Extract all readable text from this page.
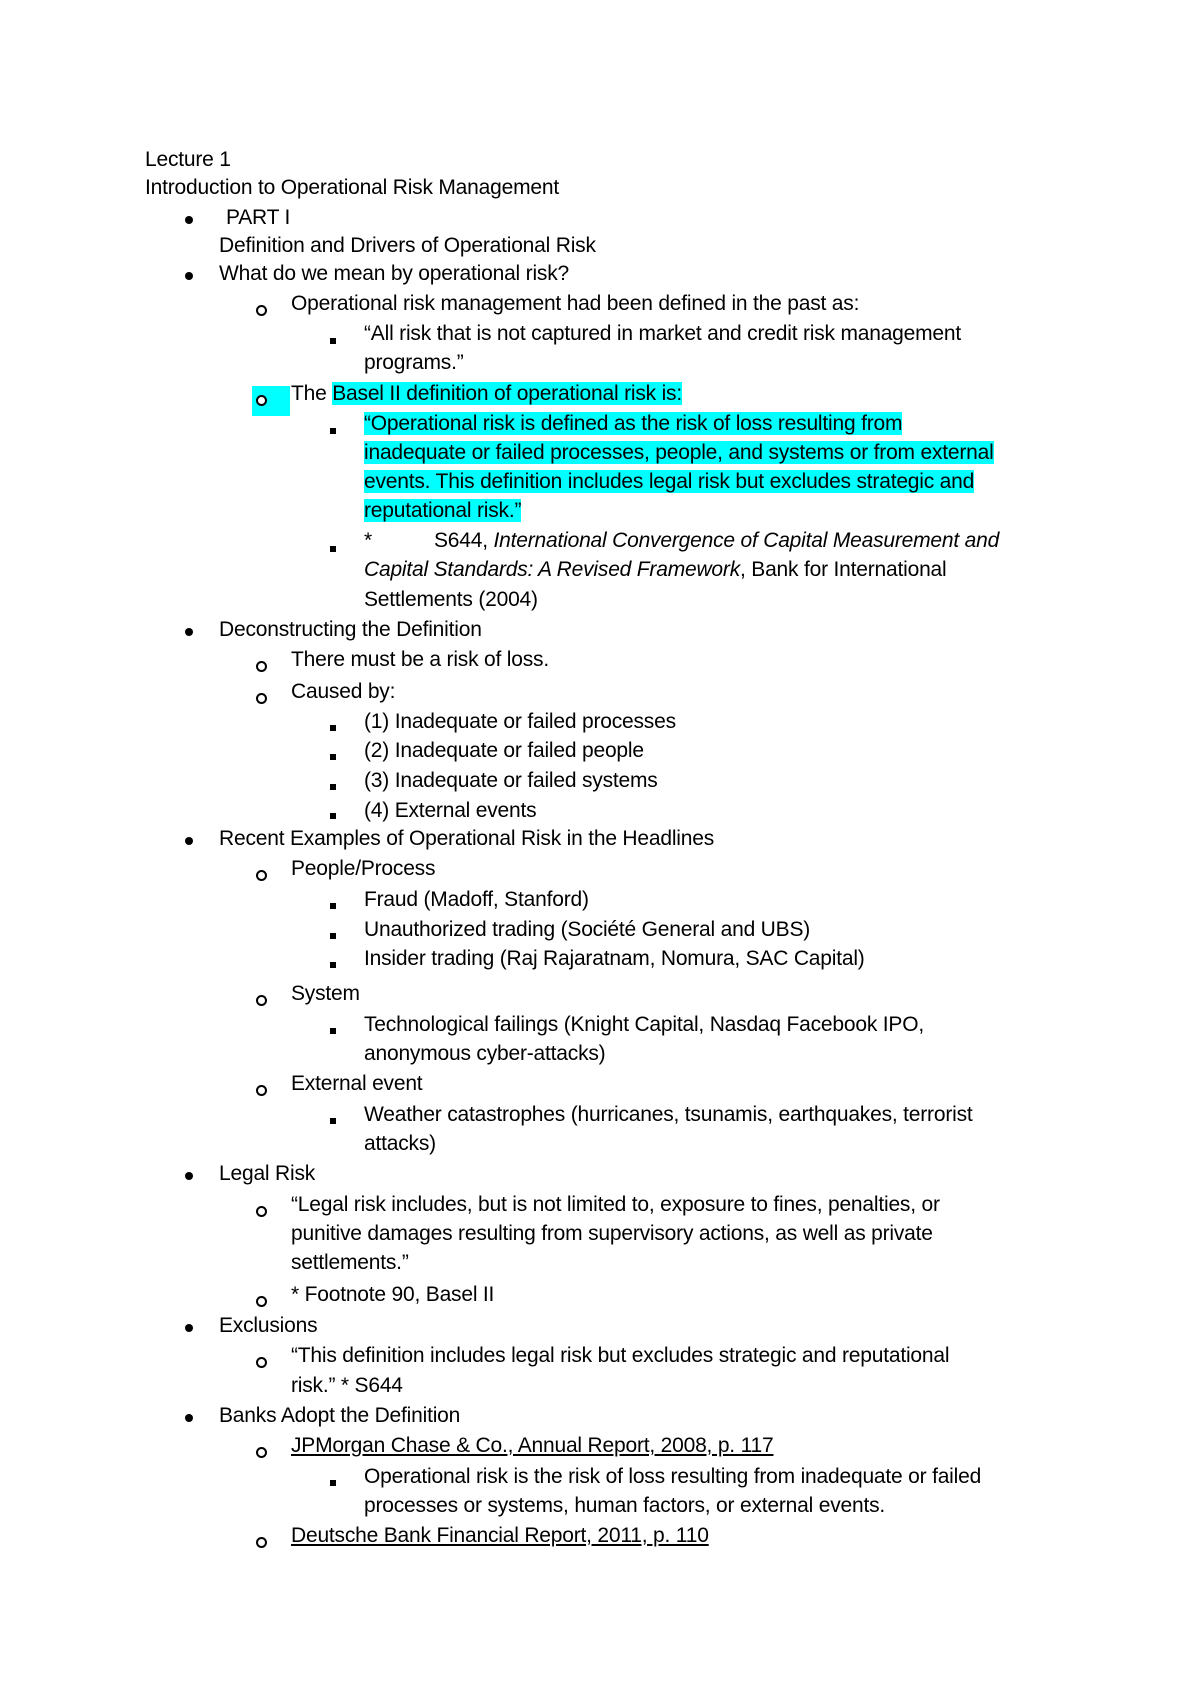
Lecture 1
Introduction to Operational Risk Management
PART I
Definition and Drivers of Operational Risk
What do we mean by operational risk?
Operational risk management had been defined in the past as:
“All risk that is not captured in market and credit risk management
programs.”
The Basel II definition of operational risk is:
“Operational risk is defined as the risk of loss resulting from
inadequate or failed processes, people, and systems or from external
events. This definition includes legal risk but excludes strategic and
reputational risk.”
*	S644, International Convergence of Capital Measurement and
Capital Standards: A Revised Framework, Bank for International
Settlements (2004)
Deconstructing the Definition
There must be a risk of loss.
Caused by:
(1) Inadequate or failed processes
(2) Inadequate or failed people
(3) Inadequate or failed systems
(4) External events
Recent Examples of Operational Risk in the Headlines
People/Process
Fraud (Madoff, Stanford)
Unauthorized trading (Société General and UBS)
Insider trading (Raj Rajaratnam, Nomura, SAC Capital)
System
Technological failings (Knight Capital, Nasdaq Facebook IPO,
anonymous cyber-attacks)
External event
Weather catastrophes (hurricanes, tsunamis, earthquakes, terrorist
attacks)
Legal Risk
“Legal risk includes, but is not limited to, exposure to fines, penalties, or
punitive damages resulting from supervisory actions, as well as private
settlements.”
* Footnote 90, Basel II
Exclusions
“This definition includes legal risk but excludes strategic and reputational
risk.” * S644
Banks Adopt the Definition
JPMorgan Chase & Co., Annual Report, 2008, p. 117
Operational risk is the risk of loss resulting from inadequate or failed
processes or systems, human factors, or external events.
Deutsche Bank Financial Report, 2011, p. 110
